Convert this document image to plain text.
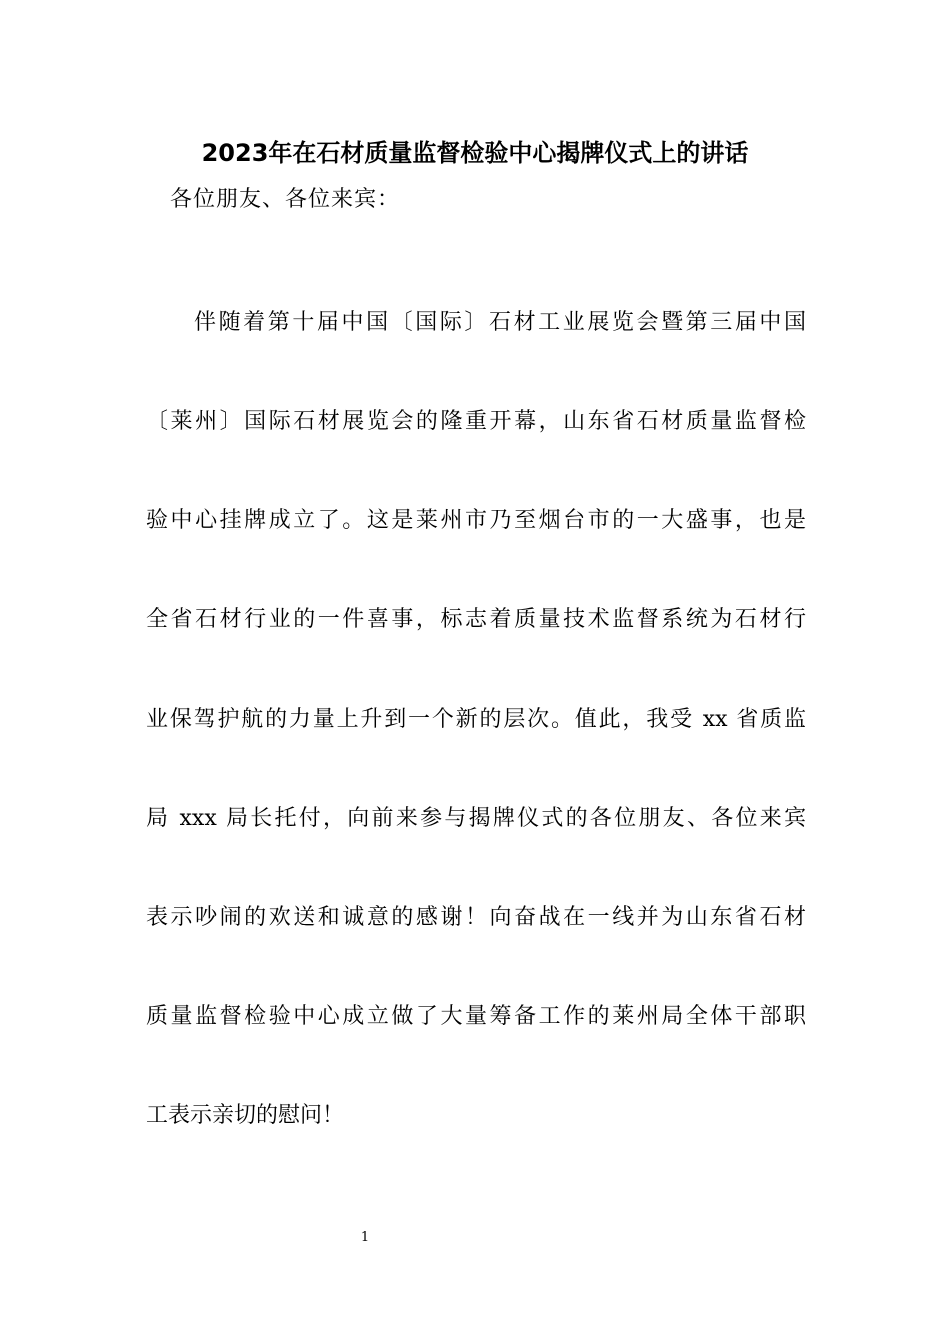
2023年在石材质量监督检验中心揭牌仪式上的讲话
各位朋友、各位来宾：
伴随着第十届中国〔国际〕石材工业展览会暨第三届中国
〔莱州〕国际石材展览会的隆重开幕，山东省石材质量监督检
验中心挂牌成立了。这是莱州市乃至烟台市的一大盛事，也是
全省石材行业的一件喜事，标志着质量技术监督系统为石材行
业保驾护航的力量上升到一个新的层次。值此，我受 xx 省质监
局 xxx 局长托付，向前来参与揭牌仪式的各位朋友、各位来宾
表示吵闹的欢送和诚意的感谢！向奋战在一线并为山东省石材
质量监督检验中心成立做了大量筹备工作的莱州局全体干部职
工表示亲切的慰问！
1
